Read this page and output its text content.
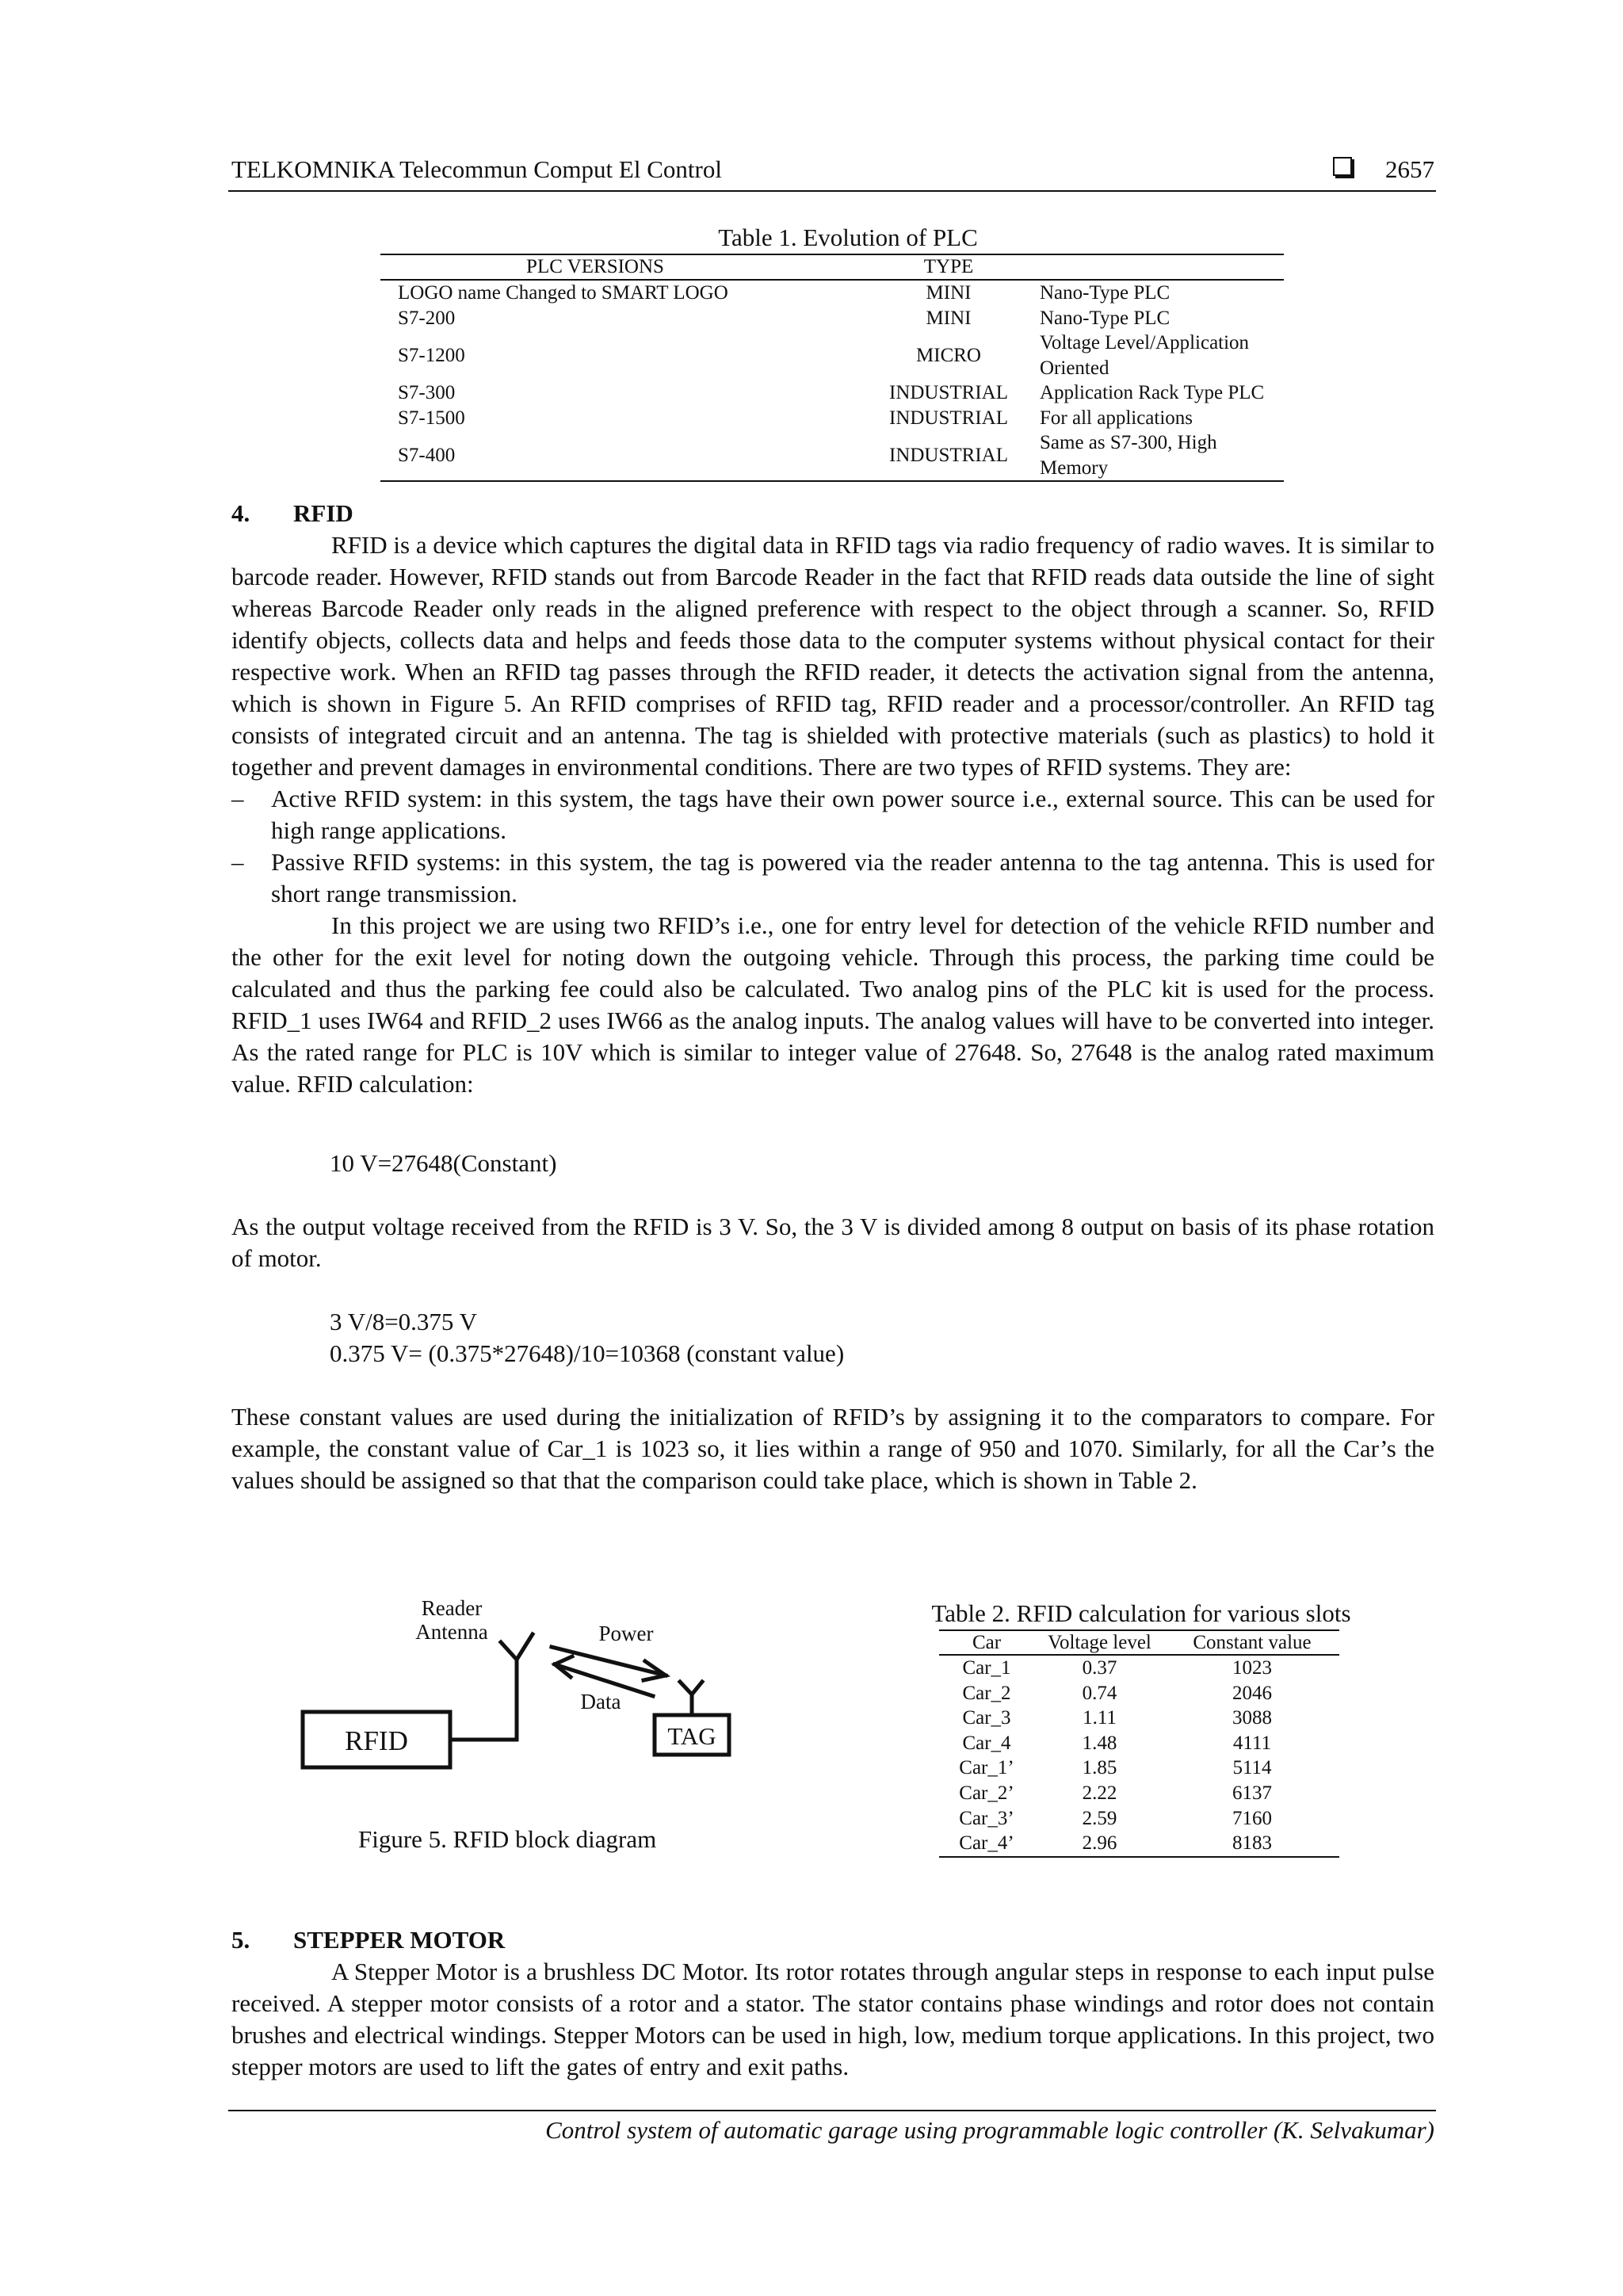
TELKOMNIKA Telecommun Comput El Control	2657
Table 1. Evolution of PLC
PLC VERSIONS	TYPE	
LOGO name Changed to SMART LOGO	MINI	Nano-Type PLC
S7-200	MINI	Nano-Type PLC
S7-1200	MICRO	Voltage Level/Application Oriented
S7-300	INDUSTRIAL	Application Rack Type PLC
S7-1500	INDUSTRIAL	For all applications
S7-400	INDUSTRIAL	Same as S7-300, High Memory
4. RFID

RFID is a device which captures the digital data in RFID tags via radio frequency of radio waves. It is similar to barcode reader. However, RFID stands out from Barcode Reader in the fact that RFID reads data outside the line of sight whereas Barcode Reader only reads in the aligned preference with respect to the object through a scanner. So, RFID identify objects, collects data and helps and feeds those data to the computer systems without physical contact for their respective work. When an RFID tag passes through the RFID reader, it detects the activation signal from the antenna, which is shown in Figure 5. An RFID comprises of RFID tag, RFID reader and a processor/controller. An RFID tag consists of integrated circuit and an antenna. The tag is shielded with protective materials (such as plastics) to hold it together and prevent damages in environmental conditions. There are two types of RFID systems. They are:

– Active RFID system: in this system, the tags have their own power source i.e., external source. This can be used for high range applications.
– Passive RFID systems: in this system, the tag is powered via the reader antenna to the tag antenna. This is used for short range transmission.

In this project we are using two RFID’s i.e., one for entry level for detection of the vehicle RFID number and the other for the exit level for noting down the outgoing vehicle. Through this process, the parking time could be calculated and thus the parking fee could also be calculated. Two analog pins of the PLC kit is used for the process. RFID_1 uses IW64 and RFID_2 uses IW66 as the analog inputs. The analog values will have to be converted into integer. As the rated range for PLC is 10V which is similar to integer value of 27648. So, 27648 is the analog rated maximum value. RFID calculation:

10 V=27648(Constant)

As the output voltage received from the RFID is 3 V. So, the 3 V is divided among 8 output on basis of its phase rotation of motor.

3 V/8=0.375 V
0.375 V= (0.375*27648)/10=10368 (constant value)

These constant values are used during the initialization of RFID’s by assigning it to the comparators to compare. For example, the constant value of Car_1 is 1023 so, it lies within a range of 950 and 1070. Similarly, for all the Car’s the values should be assigned so that that the comparison could take place, which is shown in Table 2.

Reader
Antenna	Power
Data
RFID	TAG
Figure 5. RFID block diagram
Table 2. RFID calculation for various slots
Car	Voltage level	Constant value
Car_1	0.37	1023
Car_2	0.74	2046
Car_3	1.11	3088
Car_4	1.48	4111
Car_1’	1.85	5114
Car_2’	2.22	6137
Car_3’	2.59	7160
Car_4’	2.96	8183
5. STEPPER MOTOR

A Stepper Motor is a brushless DC Motor. Its rotor rotates through angular steps in response to each input pulse received. A stepper motor consists of a rotor and a stator. The stator contains phase windings and rotor does not contain brushes and electrical windings. Stepper Motors can be used in high, low, medium torque applications. In this project, two stepper motors are used to lift the gates of entry and exit paths.

Control system of automatic garage using programmable logic controller (K. Selvakumar)
